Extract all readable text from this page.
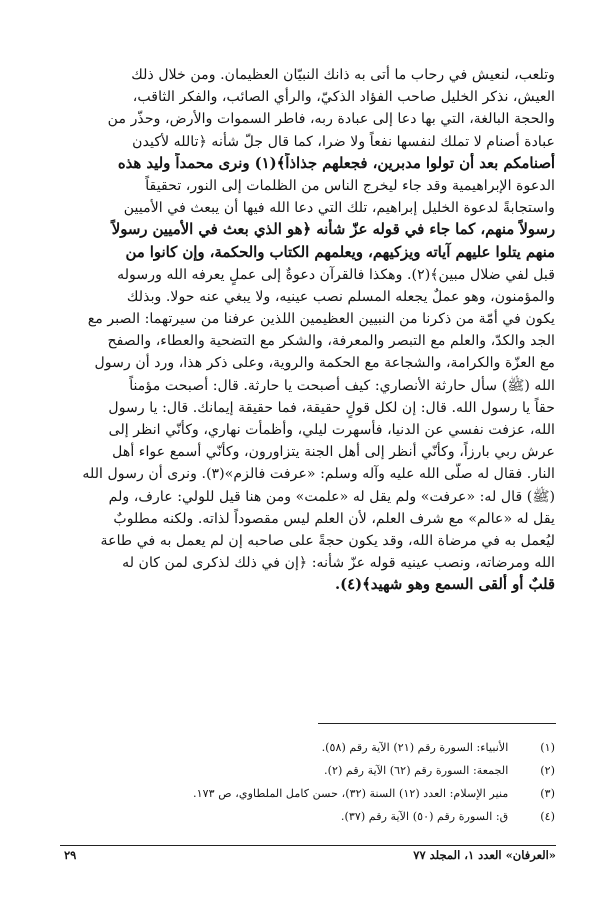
وتلعب، لنعيش في رحاب ما أتى به ذانك النبيّان العظيمان. ومن خلال ذلك
العيش، نذكر الخليل صاحب الفؤاد الذكيّ، والرأي الصائب، والفكر الثاقب،
والحجة البالغة، التي بها دعا إلى عبادة ربه، فاطر السموات والأرض، وحذّر من
عبادة أصنام لا تملك لنفسها نفعاً ولا ضرا، كما قال جلّ شأنه ﴿تالله لأكيدن
أصنامكم بعد أن تولوا مدبرين، فجعلهم جذاذاً﴾(١) ونرى محمداً وليد هذه
الدعوة الإبراهيمية وقد جاء ليخرج الناس من الظلمات إلى النور، تحقيقاً
واستجابةً لدعوة الخليل إبراهيم، تلك التي دعا الله فيها أن يبعث في الأميين
رسولاً منهم، كما جاء في قوله عزّ شأنه ﴿هو الذي بعث في الأميين رسولاً
منهم يتلوا عليهم آياته ويزكيهم، ويعلمهم الكتاب والحكمة، وإن كانوا من
قبل لفي ضلال مبين﴾(٢). وهكذا فالقرآن دعوةٌ إلى عملٍ يعرفه الله ورسوله
والمؤمنون، وهو عملٌ يجعله المسلم نصب عينيه، ولا يبغي عنه حولا. وبذلك
يكون في أمّة من ذكرنا من النبيين العظيمين اللذين عرفنا من سيرتهما: الصبر مع
الجد والكدّ، والعلم مع التبصر والمعرفة، والشكر مع التضحية والعطاء، والصفح
مع العزّة والكرامة، والشجاعة مع الحكمة والروية، وعلى ذكر هذا، ورد أن رسول
الله (ﷺ) سأل حارثة الأنصاري: كيف أصبحت يا حارثة. قال: أصبحت مؤمناً
حقاً يا رسول الله. قال: إن لكل قولٍ حقيقة، فما حقيقة إيمانك. قال: يا رسول
الله، عزفت نفسي عن الدنيا، فأسهرت ليلي، وأظمأت نهاري، وكأنّي انظر إلى
عرش ربي بارزاً، وكأنّي أنظر إلى أهل الجنة يتزاورون، وكأنّي أسمع عواء أهل
النار. فقال له صلّى الله عليه وآله وسلم: «عرفت فالزم»(٣). ونرى أن رسول الله
(ﷺ) قال له: «عرفت» ولم يقل له «علمت» ومن هنا قيل للولي: عارف، ولم
يقل له «عالم» مع شرف العلم، لأن العلم ليس مقصوداً لذاته. ولكنه مطلوبٌ
ليُعمل به في مرضاة الله، وقد يكون حجةً على صاحبه إن لم يعمل به في طاعة
الله ومرضاته، ونصب عينيه قوله عزّ شأنه: ﴿إن في ذلك لذكرى لمن كان له
قلبٌ أو ألقى السمع وهو شهيد﴾(٤).
(١)   الأنبياء: السورة رقم (٢١) الآية رقم (٥٨).
(٢)   الجمعة: السورة رقم (٦٢) الآية رقم (٢).
(٣)   منير الإسلام: العدد (١٢) السنة (٣٢)، حسن كامل الملطاوي، ص ١٧٣.
(٤)   ق: السورة رقم (٥٠) الآية رقم (٣٧).
«العرفان» العدد ١، المجلد ٧٧
٢٩
